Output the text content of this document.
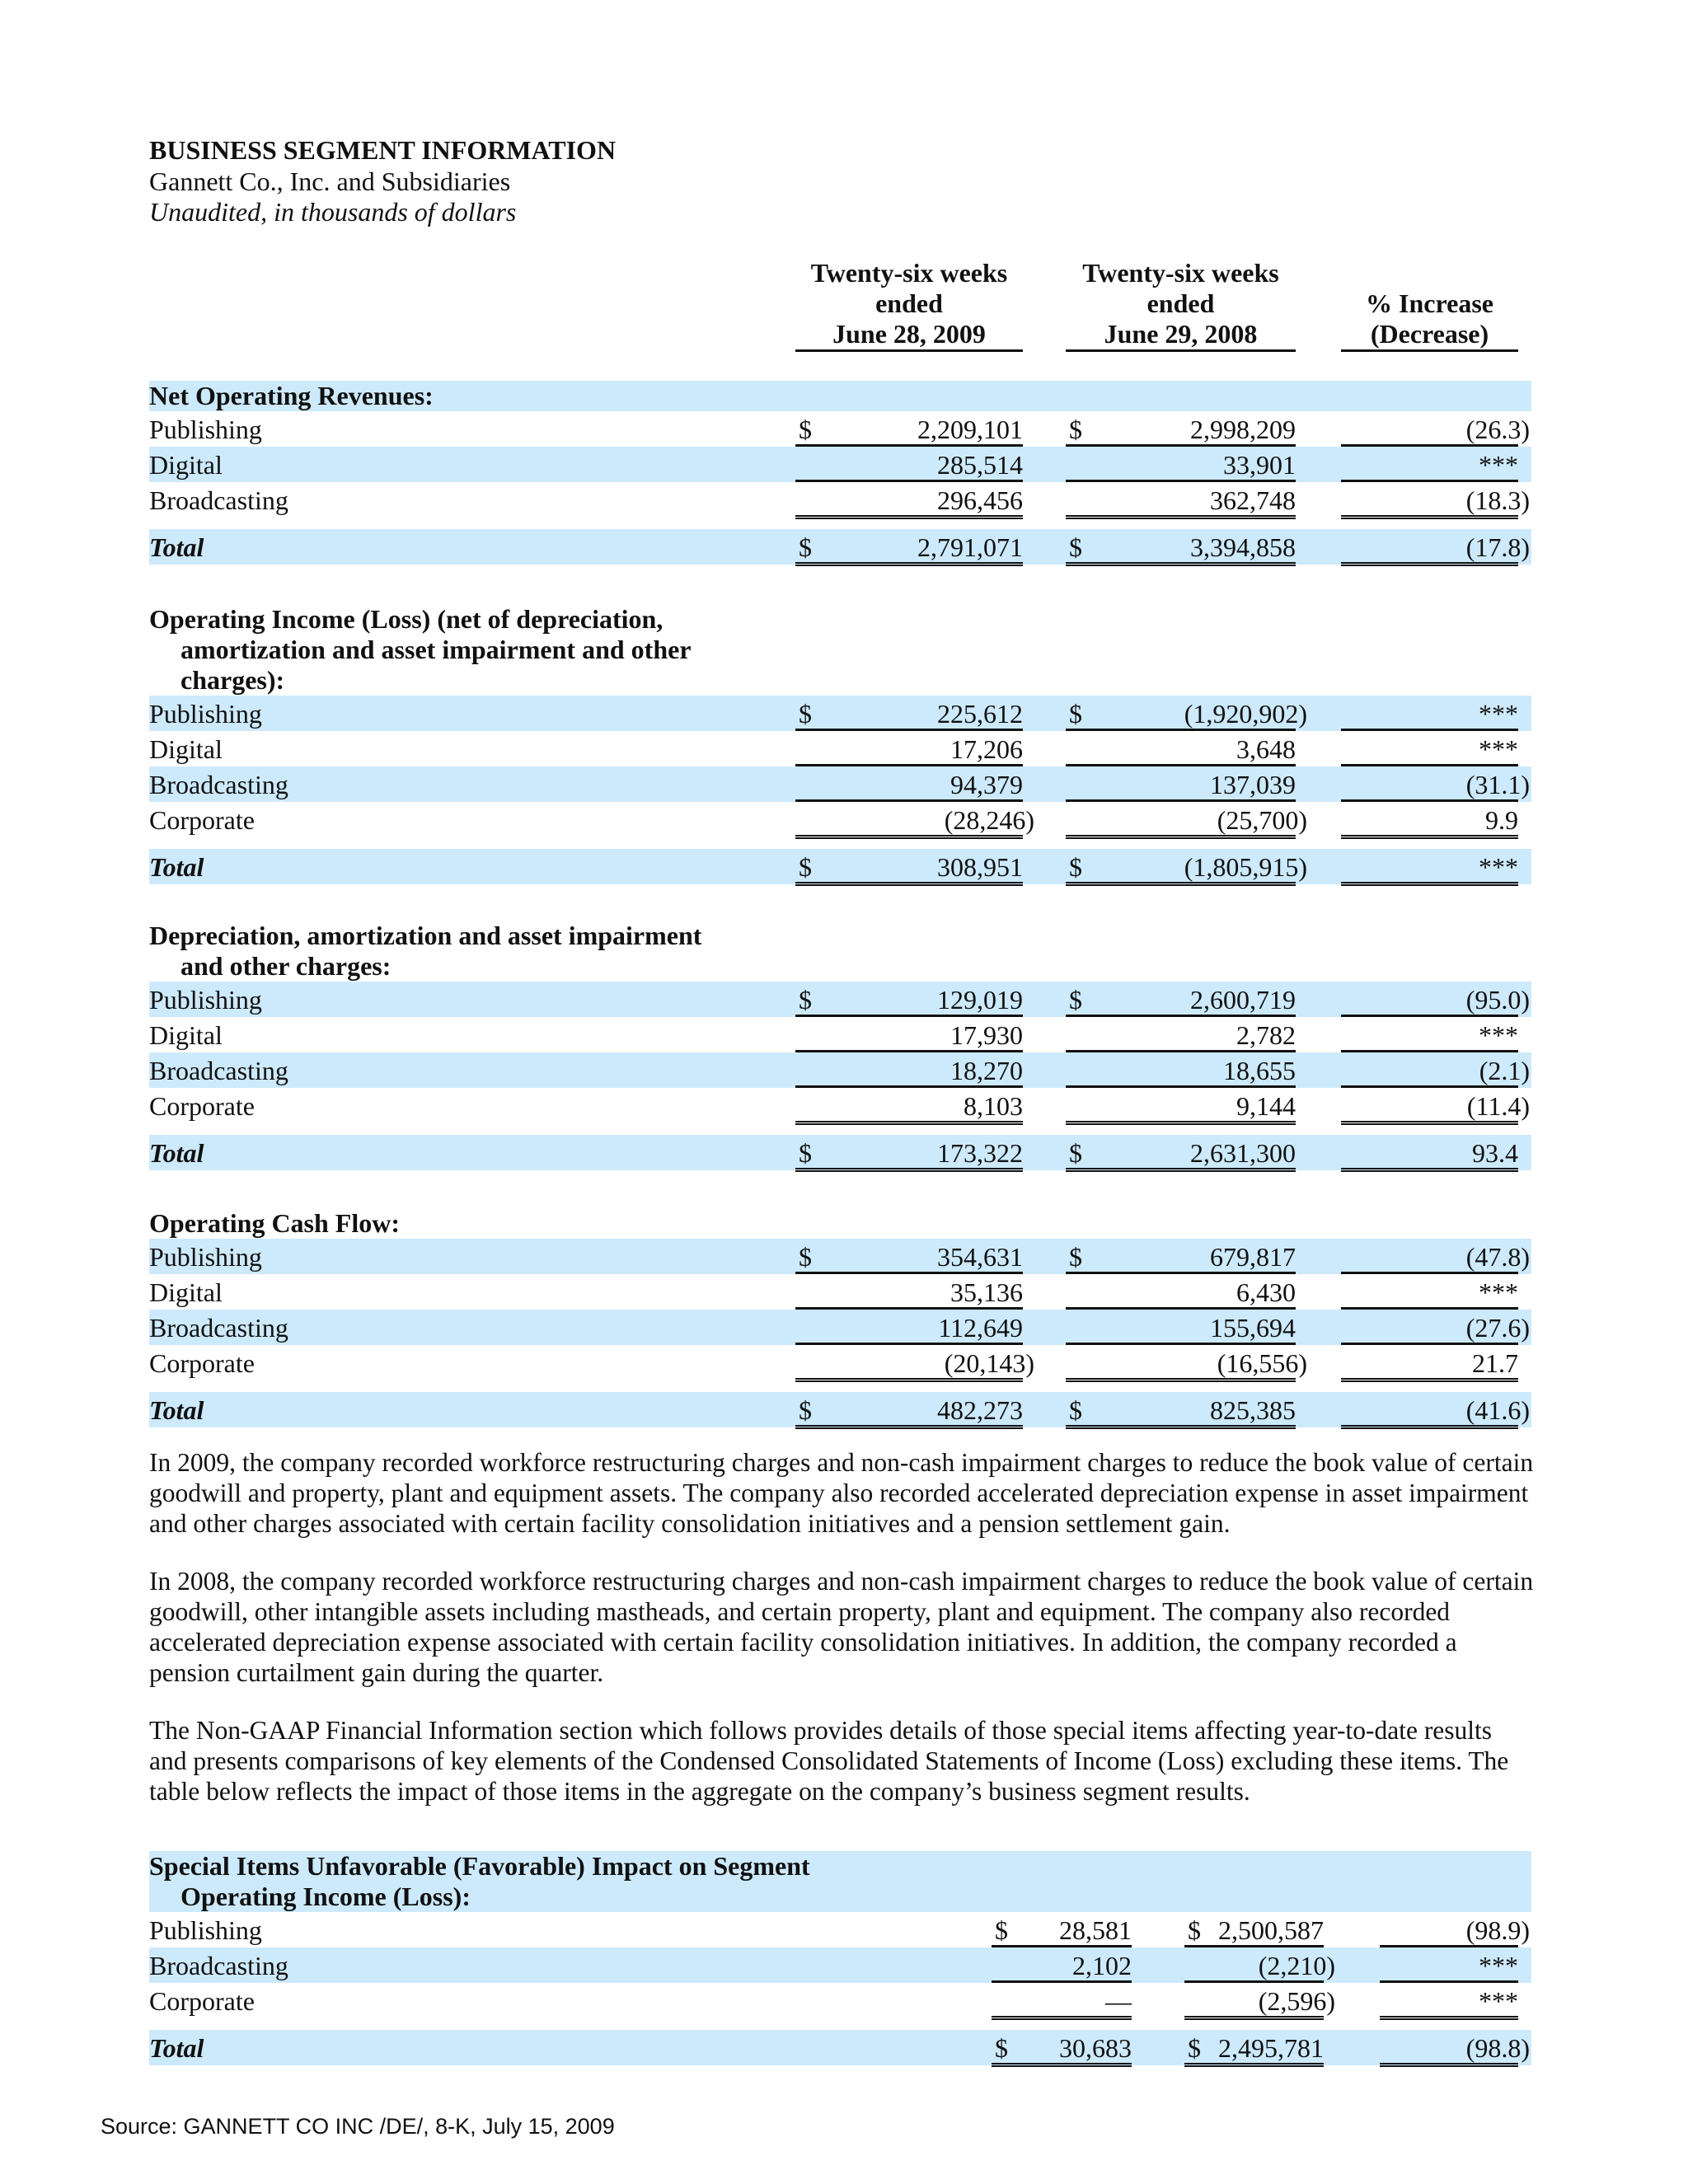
BUSINESS SEGMENT INFORMATION
Gannett Co., Inc. and Subsidiaries
Unaudited, in thousands of dollars
Twenty-six weeks
ended
June 28, 2009
Twenty-six weeks
ended
June 29, 2008

% Increase
(Decrease)
Net Operating Revenues:
Publishing	$	2,209,101 $	2,998,209	(26.3)
Digital	285,514	33,901	***
Broadcasting	296,456	362,748	(18.3)
Total	$	2,791,071 $	3,394,858	(17.8)
Operating Income (Loss) (net of depreciation,
amortization and asset impairment and other
charges):
Publishing	$	225,612 $	(1,920,902)	***
Digital	17,206	3,648	***
Broadcasting	94,379	137,039	(31.1)
Corporate	(28,246)	(25,700)	9.9
Total	$	308,951 $	(1,805,915)	***
Depreciation, amortization and asset impairment
and other charges:
Publishing	$	129,019 $	2,600,719	(95.0)
Digital	17,930	2,782	***
Broadcasting	18,270	18,655	(2.1)
Corporate	8,103	9,144	(11.4)
Total	$	173,322 $	2,631,300	93.4
Operating Cash Flow:
Publishing	$	354,631 $	679,817	(47.8)
Digital	35,136	6,430	***
Broadcasting	112,649	155,694	(27.6)
Corporate	(20,143)	(16,556)	21.7
Total	$	482,273 $	825,385	(41.6)
Special Items Unfavorable (Favorable) Impact on Segment
Operating Income (Loss):
Publishing	$ 28,581 $ 2,500,587	(98.9)
Broadcasting	2,102	(2,210)	***
Corporate	—	(2,596)	***
Total	$ 30,683 $ 2,495,781	(98.8)
In 2009, the company recorded workforce restructuring charges and non-cash impairment charges to reduce the book value of certain goodwill and property, plant and equipment assets. The company also recorded accelerated depreciation expense in asset impairment and other charges associated with certain facility consolidation initiatives and a pension settlement gain.
In 2008, the company recorded workforce restructuring charges and non-cash impairment charges to reduce the book value of certain goodwill, other intangible assets including mastheads, and certain property, plant and equipment. The company also recorded accelerated depreciation expense associated with certain facility consolidation initiatives. In addition, the company recorded a pension curtailment gain during the quarter.
The Non-GAAP Financial Information section which follows provides details of those special items affecting year-to-date results and presents comparisons of key elements of the Condensed Consolidated Statements of Income (Loss) excluding these items. The table below reflects the impact of those items in the aggregate on the company’s business segment results.
Source: GANNETT CO INC /DE/, 8-K, July 15, 2009
